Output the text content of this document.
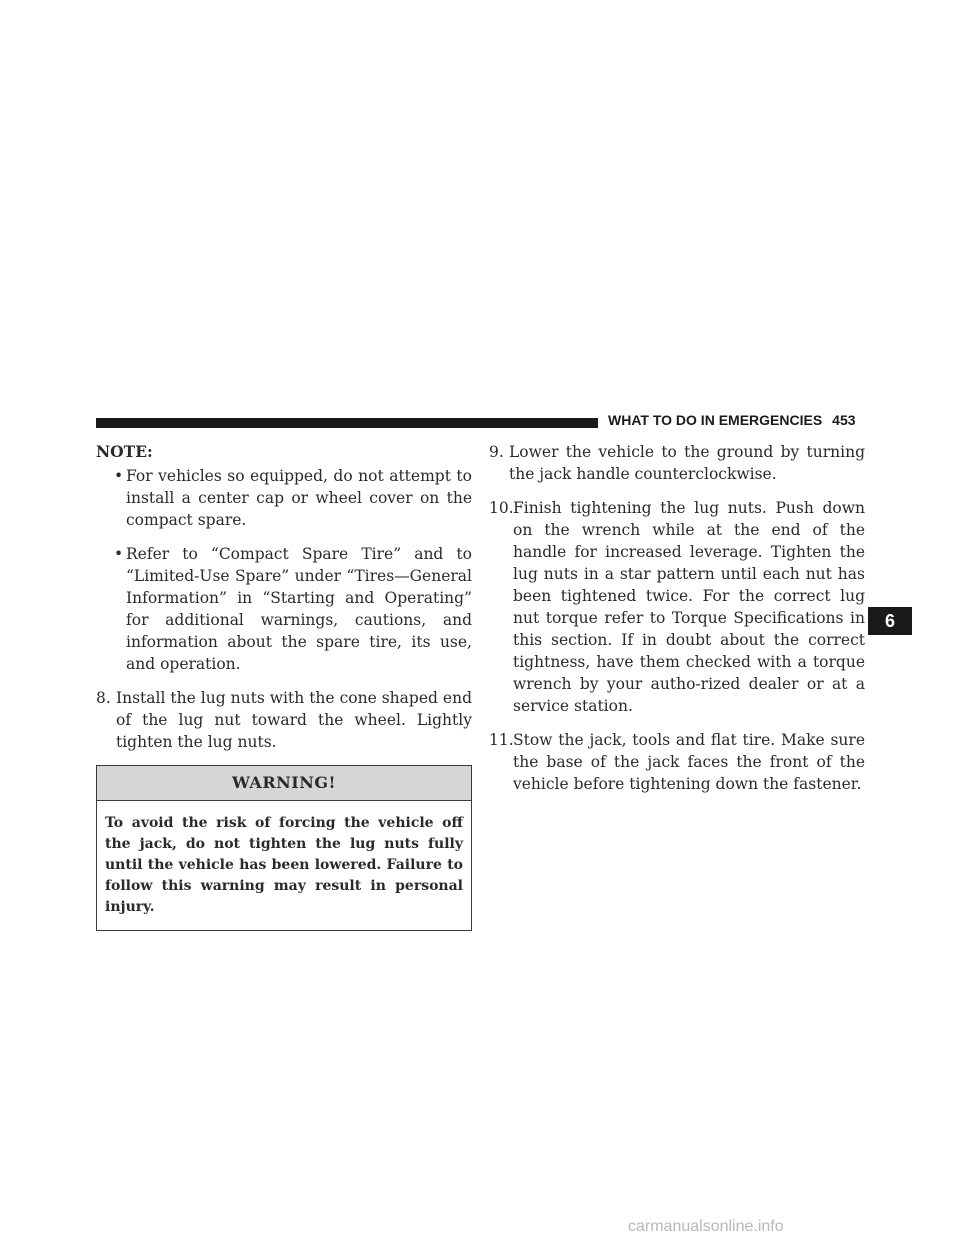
WHAT TO DO IN EMERGENCIES 453
6
NOTE:
• For vehicles so equipped, do not attempt to install a center cap or wheel cover on the compact spare.
• Refer to “Compact Spare Tire” and to “Limited-Use Spare” under “Tires—General Information” in “Starting and Operating” for additional warnings, cautions, and information about the spare tire, its use, and operation.
8. Install the lug nuts with the cone shaped end of the lug nut toward the wheel. Lightly tighten the lug nuts.
WARNING!
To avoid the risk of forcing the vehicle off the jack, do not tighten the lug nuts fully until the vehicle has been lowered. Failure to follow this warning may result in personal injury.
9. Lower the vehicle to the ground by turning the jack handle counterclockwise.
10. Finish tightening the lug nuts. Push down on the wrench while at the end of the handle for increased leverage. Tighten the lug nuts in a star pattern until each nut has been tightened twice. For the correct lug nut torque refer to Torque Specifications in this section. If in doubt about the correct tightness, have them checked with a torque wrench by your autho-rized dealer or at a service station.
11. Stow the jack, tools and flat tire. Make sure the base of the jack faces the front of the vehicle before tightening down the fastener.
carmanualsonline.info
